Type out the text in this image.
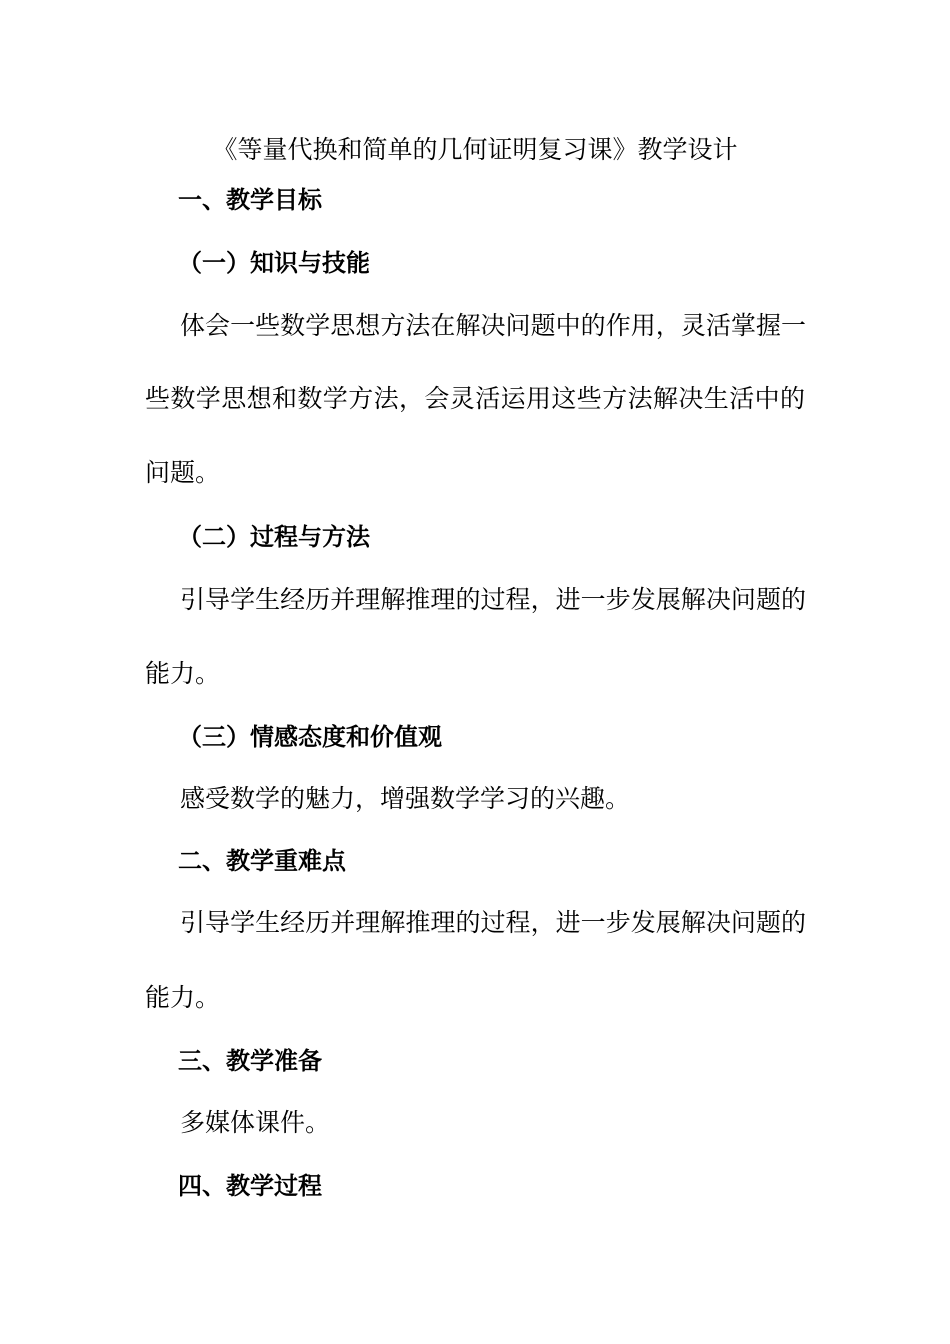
《等量代换和简单的几何证明复习课》教学设计
一、教学目标
（一）知识与技能
体会一些数学思想方法在解决问题中的作用，灵活掌握一
些数学思想和数学方法，会灵活运用这些方法解决生活中的
问题。
（二）过程与方法
引导学生经历并理解推理的过程，进一步发展解决问题的
能力。
（三）情感态度和价值观
感受数学的魅力，增强数学学习的兴趣。
二、教学重难点
引导学生经历并理解推理的过程，进一步发展解决问题的
能力。
三、教学准备
多媒体课件。
四、教学过程
